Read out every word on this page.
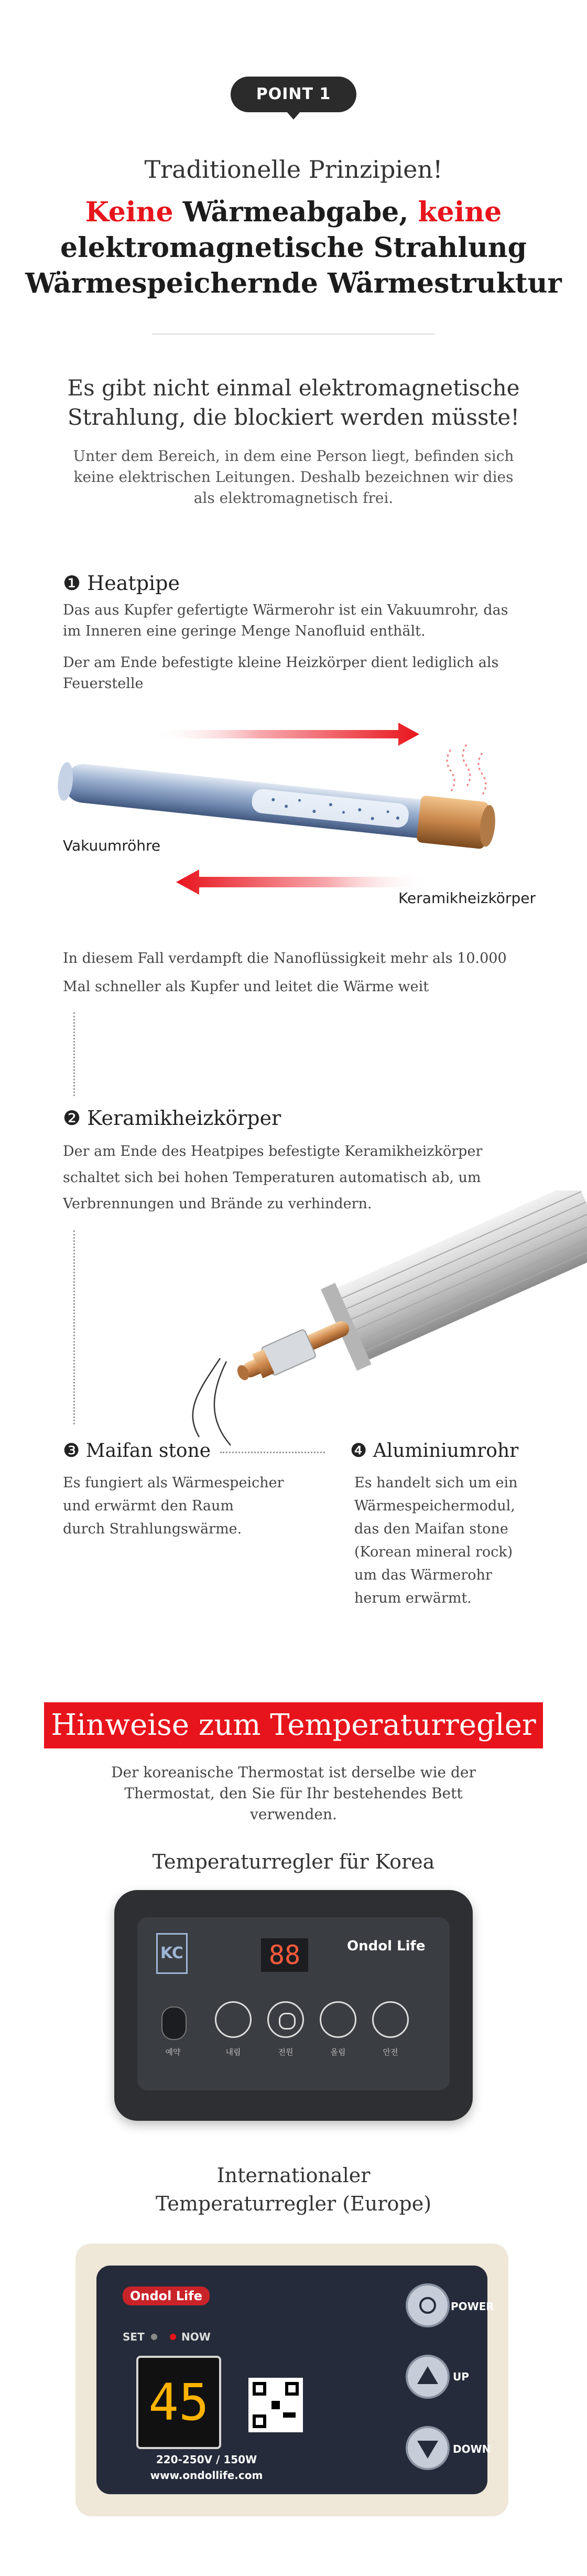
POINT 1
Traditionelle Prinzipien!
Keine Wärmeabgabe, keine
elektromagnetische Strahlung
Wärmespeichernde Wärmestruktur
Es gibt nicht einmal elektromagnetische
Strahlung, die blockiert werden müsste!
Unter dem Bereich, in dem eine Person liegt, befinden sich
keine elektrischen Leitungen. Deshalb bezeichnen wir dies
als elektromagnetisch frei.
❶ Heatpipe
Das aus Kupfer gefertigte Wärmerohr ist ein Vakuumrohr, das
im Inneren eine geringe Menge Nanofluid enthält.
Der am Ende befestigte kleine Heizkörper dient lediglich als
Feuerstelle
Vakuumröhre
Keramikheizkörper
In diesem Fall verdampft die Nanoflüssigkeit mehr als 10.000
Mal schneller als Kupfer und leitet die Wärme weit
❷ Keramikheizkörper
Der am Ende des Heatpipes befestigte Keramikheizkörper
schaltet sich bei hohen Temperaturen automatisch ab, um
Verbrennungen und Brände zu verhindern.
❸ Maifan stone
Es fungiert als Wärmespeicher
und erwärmt den Raum
durch Strahlungswärme.
❹ Aluminiumrohr
Es handelt sich um ein
Wärmespeichermodul,
das den Maifan stone
(Korean mineral rock)
um das Wärmerohr
herum erwärmt.
Hinweise zum Temperaturregler
Der koreanische Thermostat ist derselbe wie der
Thermostat, den Sie für Ihr bestehendes Bett
verwenden.
Temperaturregler für Korea
KC	88	Ondol Life
예약	내림	전원	올림	안전
Internationaler
Temperaturregler (Europe)
Ondol Life
SET	NOW
45
220-250V / 150W
www.ondollife.com
POWER
UP
DOWN
